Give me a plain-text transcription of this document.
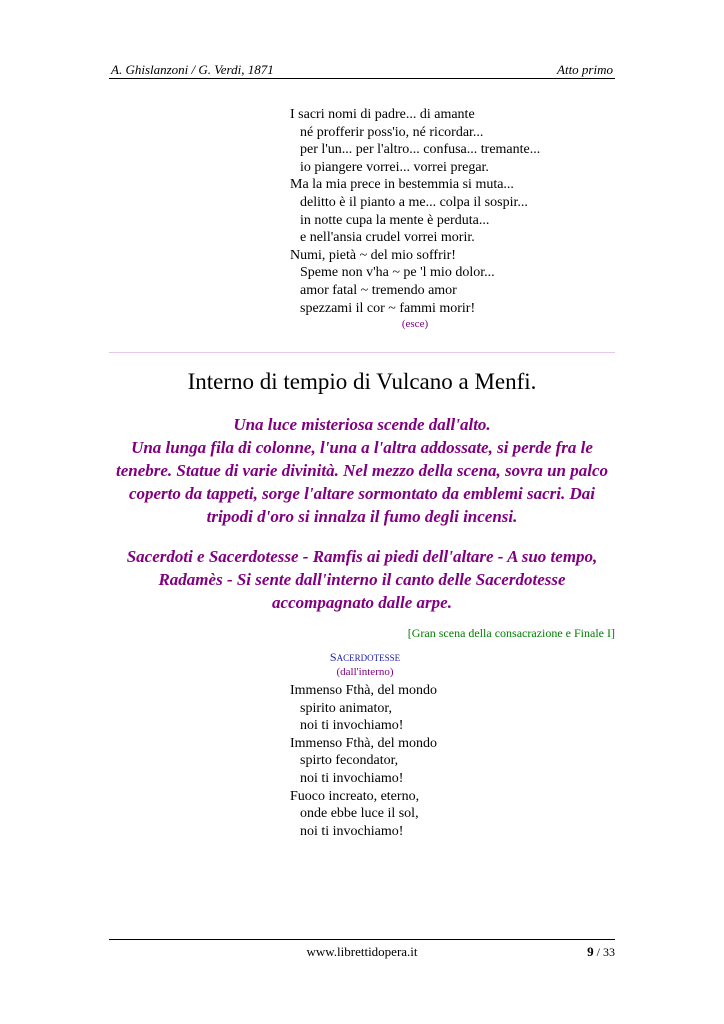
A. Ghislanzoni / G. Verdi, 1871	Atto primo
I sacri nomi di padre... di amante
né profferir poss'io, né ricordar...
per l'un... per l'altro... confusa... tremante...
io piangere vorrei... vorrei pregar.
Ma la mia prece in bestemmia si muta...
delitto è il pianto a me... colpa il sospir...
in notte cupa la mente è perduta...
e nell'ansia crudel vorrei morir.
Numi, pietà ~ del mio soffrir!
Speme non v'ha ~ pe 'l mio dolor...
amor fatal ~ tremendo amor
spezzami il cor ~ fammi morir!
(esce)
Interno di tempio di Vulcano a Menfi.
Una luce misteriosa scende dall'alto.
Una lunga fila di colonne, l'una a l'altra addossate, si perde fra le
tenebre. Statue di varie divinità. Nel mezzo della scena, sovra un palco
coperto da tappeti, sorge l'altare sormontato da emblemi sacri. Dai
tripodi d'oro si innalza il fumo degli incensi.
Sacerdoti e Sacerdotesse - Ramfis ai piedi dell'altare - A suo tempo,
Radamès - Si sente dall'interno il canto delle Sacerdotesse
accompagnato dalle arpe.
[Gran scena della consacrazione e Finale I]
SACERDOTESSE
(dall'interno)
Immenso Fthà, del mondo
spirito animator,
noi ti invochiamo!
Immenso Fthà, del mondo
spirto fecondator,
noi ti invochiamo!
Fuoco increato, eterno,
onde ebbe luce il sol,
noi ti invochiamo!
www.librettidopera.it	9 / 33
